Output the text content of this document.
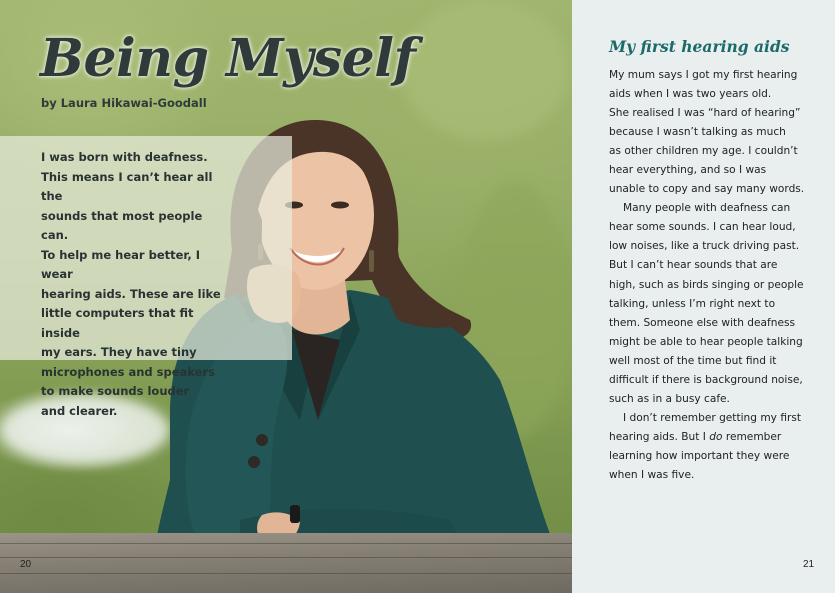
Being Myself
by Laura Hikawai-Goodall

I was born with deafness.
This means I can’t hear all the
sounds that most people can.
To help me hear better, I wear
hearing aids. These are like
little computers that fit inside
my ears. They have tiny
microphones and speakers
to make sounds louder
and clearer.

20
My first hearing aids

My mum says I got my first hearing
aids when I was two years old.
She realised I was “hard of hearing”
because I wasn’t talking as much
as other children my age. I couldn’t
hear everything, and so I was
unable to copy and say many words.

Many people with deafness can
hear some sounds. I can hear loud,
low noises, like a truck driving past.
But I can’t hear sounds that are
high, such as birds singing or people
talking, unless I’m right next to
them. Someone else with deafness
might be able to hear people talking
well most of the time but find it
difficult if there is background noise,
such as in a busy cafe.

I don’t remember getting my first
hearing aids. But I do remember
learning how important they were
when I was five.

21
